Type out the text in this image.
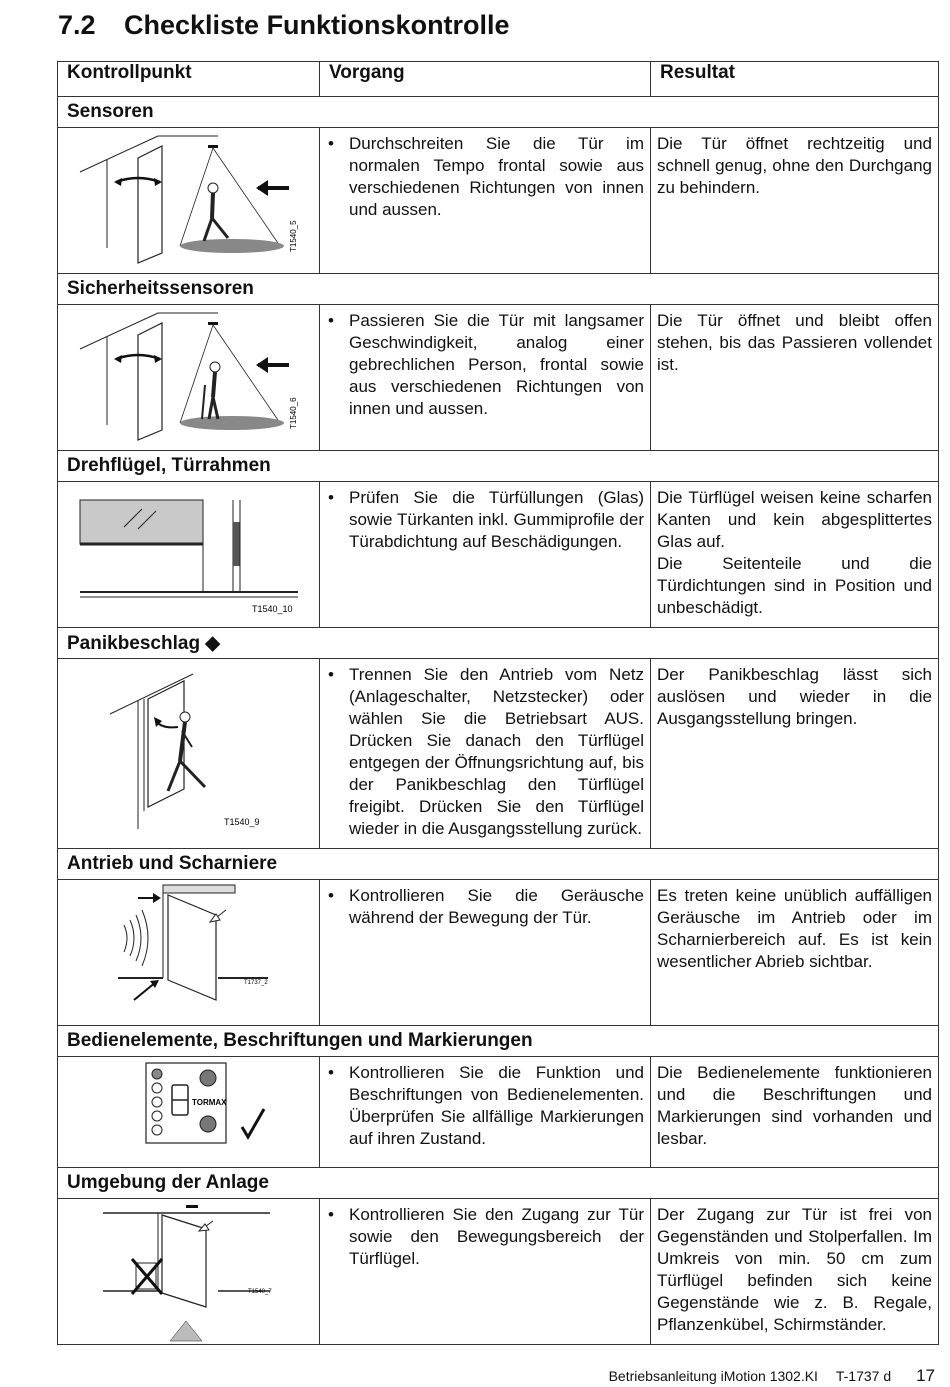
7.2 Checkliste Funktionskontrolle
Kontrollpunkt	Vorgang	Resultat
Sensoren		

T1540_5	• Durchschreiten Sie die Tür im normalen Tempo frontal sowie aus verschiedenen Richtungen von innen und aussen.	Die Tür öffnet rechtzeitig und schnell genug, ohne den Durchgang zu behindern.

Sicherheitssensoren		

T1540_6	• Passieren Sie die Tür mit langsamer Geschwindigkeit, analog einer gebrechlichen Person, frontal sowie aus verschiedenen Richtungen von innen und aussen.	Die Tür öffnet und bleibt offen stehen, bis das Passieren vollendet ist.

Drehflügel, Türrahmen		

T1540_10	• Prüfen Sie die Türfüllungen (Glas) sowie Türkanten inkl. Gummiprofile der Türabdichtung auf Beschädigungen.	Die Türflügel weisen keine scharfen Kanten und kein abgesplittertes Glas auf.
Die Seitenteile und die Türdichtungen sind in Position und unbeschädigt.

Panikbeschlag ◆		

T1540_9	• Trennen Sie den Antrieb vom Netz (Anlageschalter, Netzstecker) oder wählen Sie die Betriebsart AUS. Drücken Sie danach den Türflügel entgegen der Öffnungsrichtung auf, bis der Panikbeschlag den Türflügel freigibt. Drücken Sie den Türflügel wieder in die Ausgangsstellung zurück.	Der Panikbeschlag lässt sich auslösen und wieder in die Ausgangsstellung bringen.

Antrieb und Scharniere		

T1737_2	• Kontrollieren Sie die Geräusche während der Bewegung der Tür.	Es treten keine unüblich auffälligen Geräusche im Antrieb oder im Scharnierbereich auf. Es ist kein wesentlicher Abrieb sichtbar.

Bedienelemente, Beschriftungen und Markierungen		

TORMAX	• Kontrollieren Sie die Funktion und Beschriftungen von Bedienelementen. Überprüfen Sie allfällige Markierungen auf ihren Zustand.	Die Bedienelemente funktionieren und die Beschriftungen und Markierungen sind vorhanden und lesbar.

Umgebung der Anlage		

T1540_7	• Kontrollieren Sie den Zugang zur Tür sowie den Bewegungsbereich der Türflügel.	Der Zugang zur Tür ist frei von Gegenständen und Stolperfallen. Im Umkreis von min. 50 cm zum Türflügel befinden sich keine Gegenstände wie z. B. Regale, Pflanzenkübel, Schirmständer.
Betriebsanleitung iMotion 1302.KI T-1737 d 17
